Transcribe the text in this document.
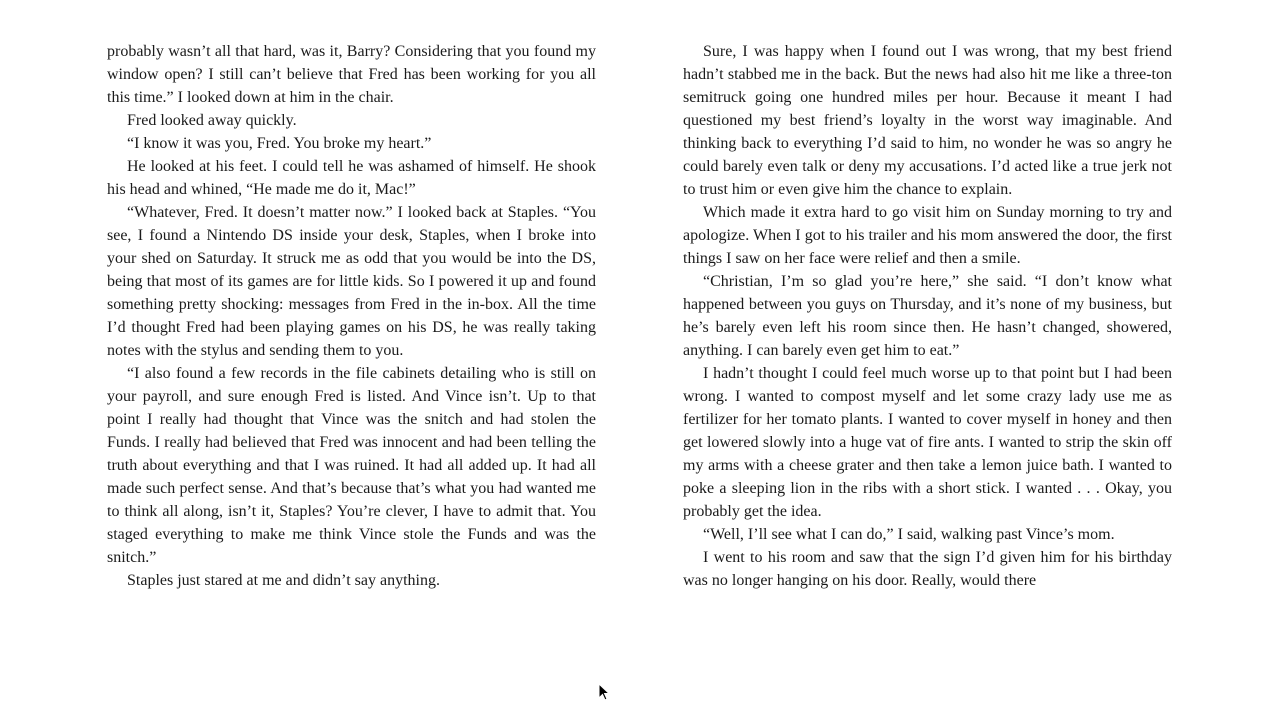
probably wasn’t all that hard, was it, Barry? Considering that you found my window open? I still can’t believe that Fred has been working for you all this time.” I looked down at him in the chair.

Fred looked away quickly.

“I know it was you, Fred. You broke my heart.”

He looked at his feet. I could tell he was ashamed of himself. He shook his head and whined, “He made me do it, Mac!”

“Whatever, Fred. It doesn’t matter now.” I looked back at Staples. “You see, I found a Nintendo DS inside your desk, Staples, when I broke into your shed on Saturday. It struck me as odd that you would be into the DS, being that most of its games are for little kids. So I powered it up and found something pretty shocking: messages from Fred in the in-box. All the time I’d thought Fred had been playing games on his DS, he was really taking notes with the stylus and sending them to you.

“I also found a few records in the file cabinets detailing who is still on your payroll, and sure enough Fred is listed. And Vince isn’t. Up to that point I really had thought that Vince was the snitch and had stolen the Funds. I really had believed that Fred was innocent and had been telling the truth about everything and that I was ruined. It had all added up. It had all made such perfect sense. And that’s because that’s what you had wanted me to think all along, isn’t it, Staples? You’re clever, I have to admit that. You staged everything to make me think Vince stole the Funds and was the snitch.”

Staples just stared at me and didn’t say anything.

Sure, I was happy when I found out I was wrong, that my best friend hadn’t stabbed me in the back. But the news had also hit me like a three-ton semitruck going one hundred miles per hour. Because it meant I had questioned my best friend’s loyalty in the worst way imaginable. And thinking back to everything I’d said to him, no wonder he was so angry he could barely even talk or deny my accusations. I’d acted like a true jerk not to trust him or even give him the chance to explain.

Which made it extra hard to go visit him on Sunday morning to try and apologize. When I got to his trailer and his mom answered the door, the first things I saw on her face were relief and then a smile.

“Christian, I’m so glad you’re here,” she said. “I don’t know what happened between you guys on Thursday, and it’s none of my business, but he’s barely even left his room since then. He hasn’t changed, showered, anything. I can barely even get him to eat.”

I hadn’t thought I could feel much worse up to that point but I had been wrong. I wanted to compost myself and let some crazy lady use me as fertilizer for her tomato plants. I wanted to cover myself in honey and then get lowered slowly into a huge vat of fire ants. I wanted to strip the skin off my arms with a cheese grater and then take a lemon juice bath. I wanted to poke a sleeping lion in the ribs with a short stick. I wanted . . . Okay, you probably get the idea.

“Well, I’ll see what I can do,” I said, walking past Vince’s mom.

I went to his room and saw that the sign I’d given him for his birthday was no longer hanging on his door. Really, would there
